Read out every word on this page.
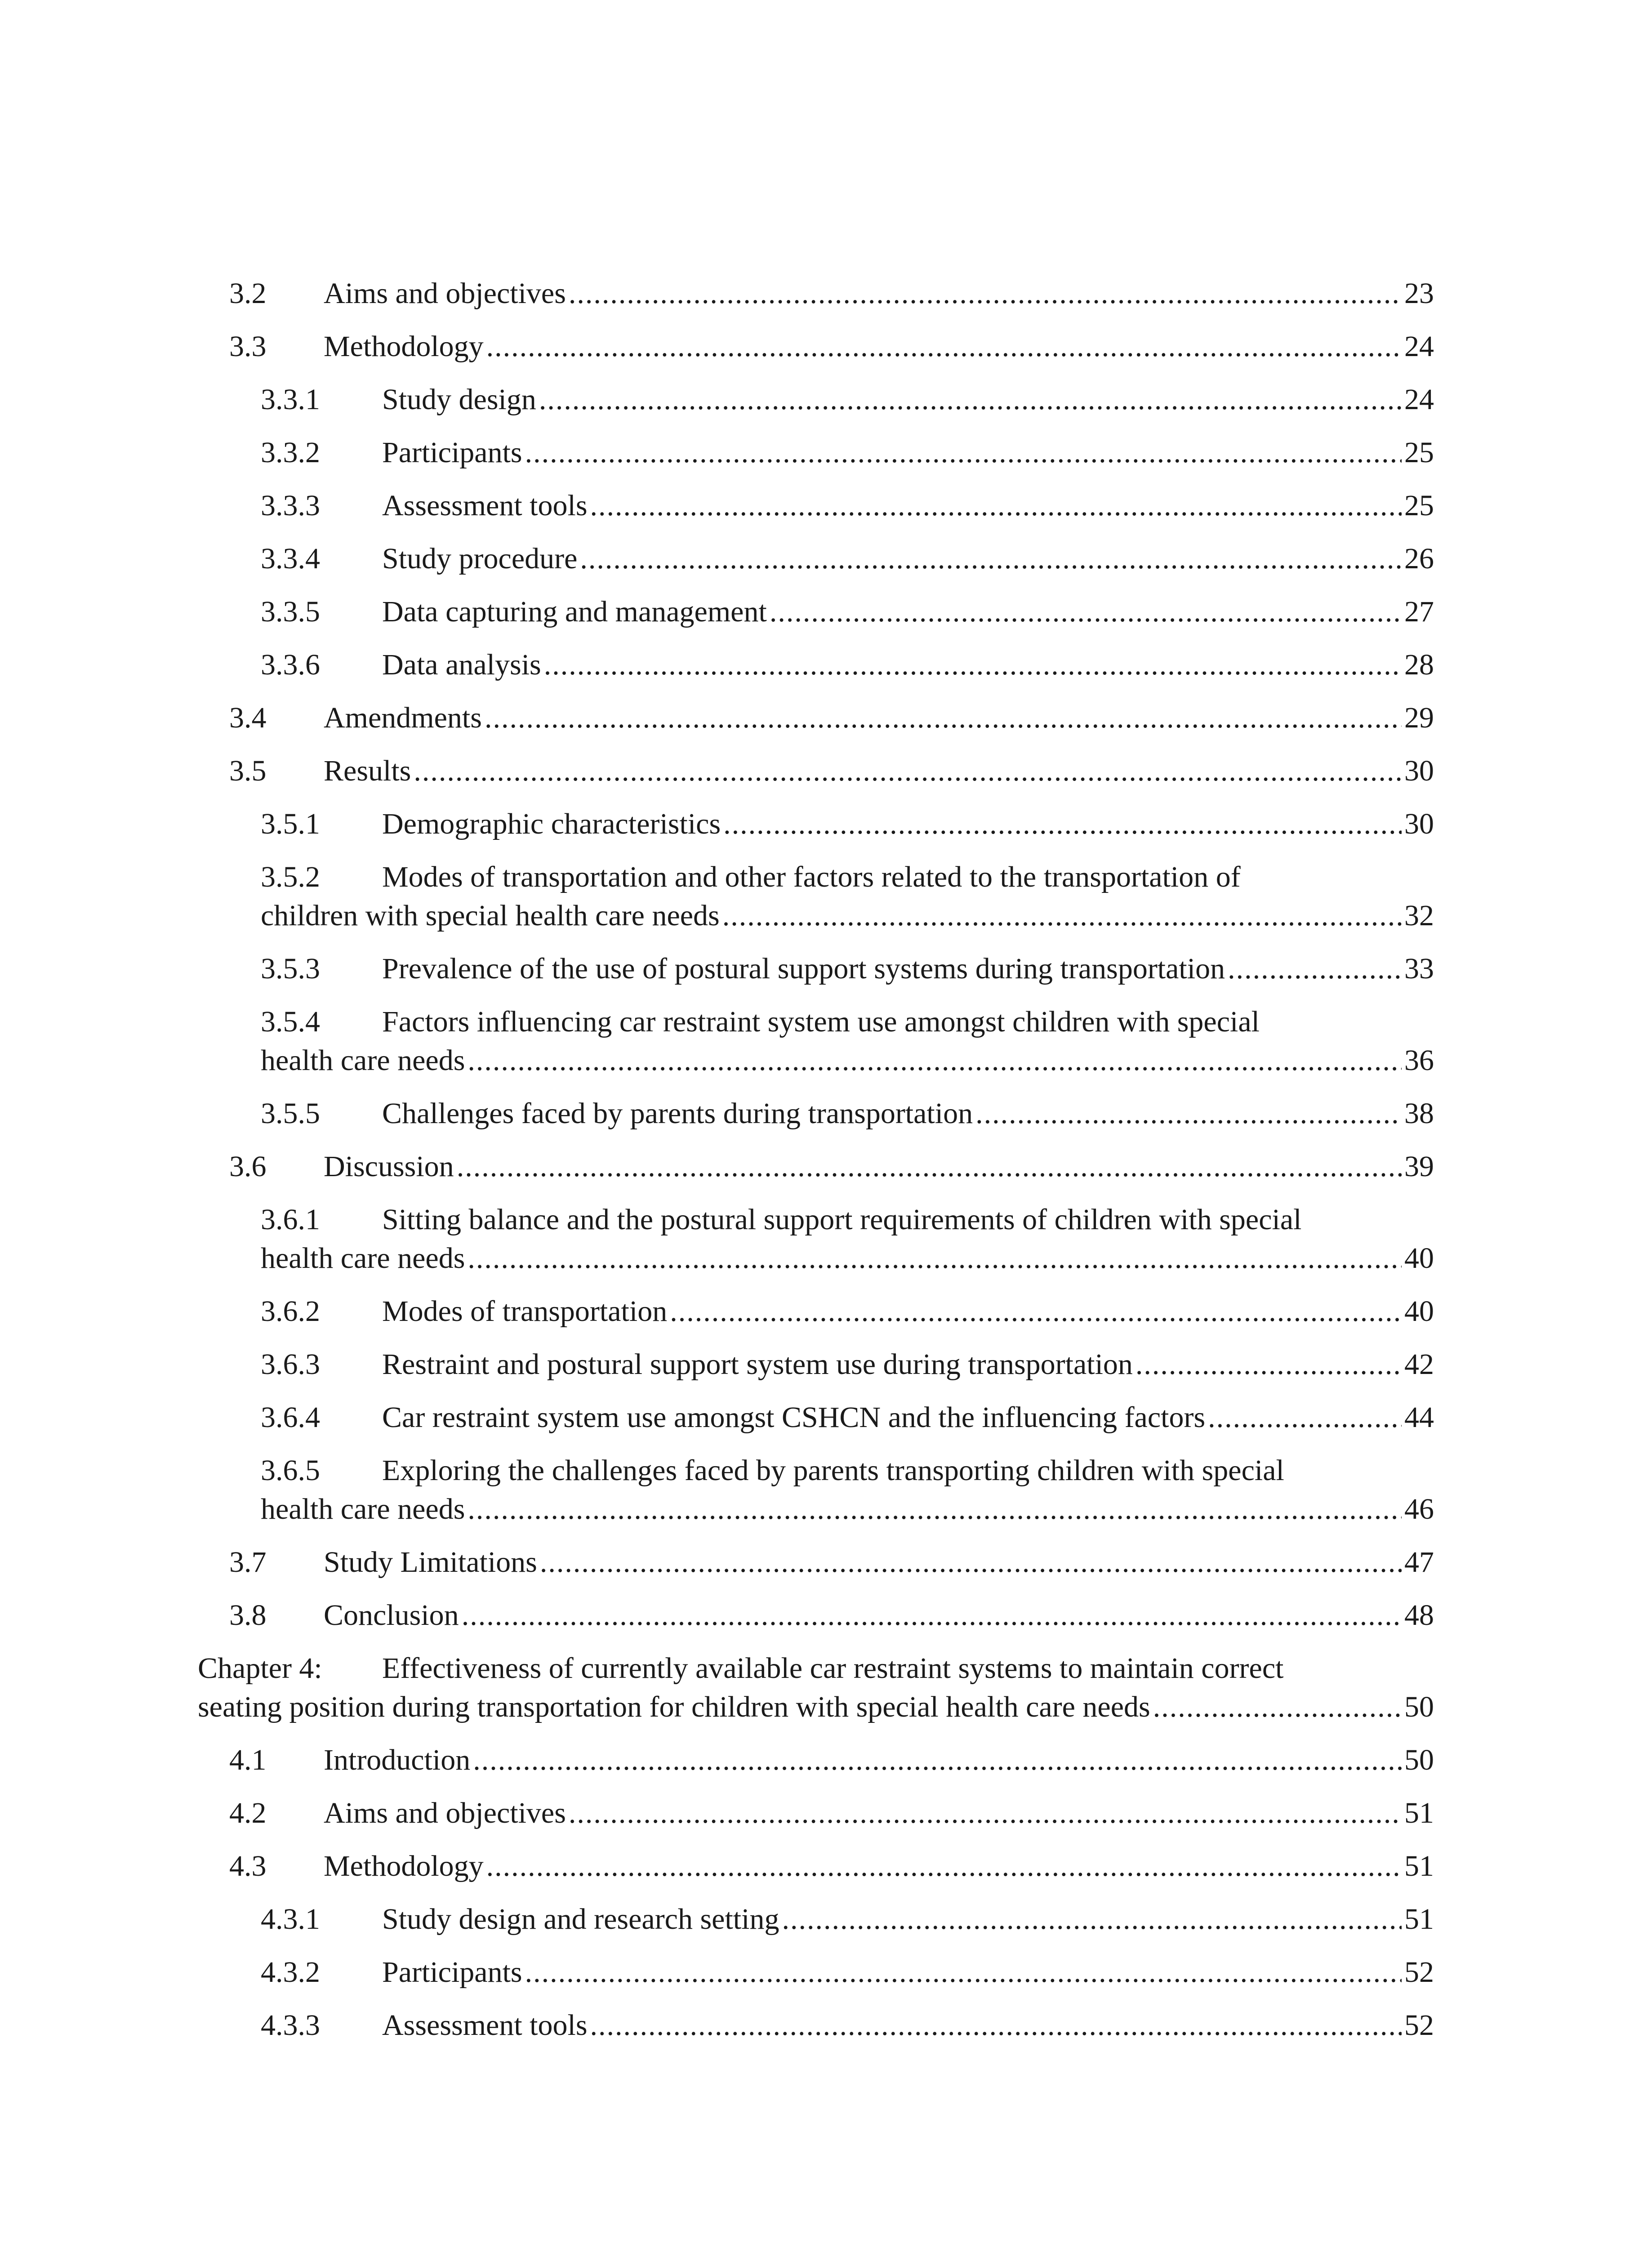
3.2	Aims and objectives .....	23
3.3	Methodology .....	24
3.3.1	Study design .....	24
3.3.2	Participants .....	25
3.3.3	Assessment tools .....	25
3.3.4	Study procedure .....	26
3.3.5	Data capturing and management .....	27
3.3.6	Data analysis .....	28
3.4	Amendments .....	29
3.5	Results .....	30
3.5.1	Demographic characteristics .....	30
3.5.2	Modes of transportation and other factors related to the transportation of
children with special health care needs .....	32
3.5.3	Prevalence of the use of postural support systems during transportation .....	33
3.5.4	Factors influencing car restraint system use amongst children with special
health care needs .....	36
3.5.5	Challenges faced by parents during transportation .....	38
3.6	Discussion .....	39
3.6.1	Sitting balance and the postural support requirements of children with special
health care needs .....	40
3.6.2	Modes of transportation .....	40
3.6.3	Restraint and postural support system use during transportation .....	42
3.6.4	Car restraint system use amongst CSHCN and the influencing factors .....	44
3.6.5	Exploring the challenges faced by parents transporting children with special
health care needs .....	46
3.7	Study Limitations .....	47
3.8	Conclusion .....	48
Chapter 4:	Effectiveness of currently available car restraint systems to maintain correct
seating position during transportation for children with special health care needs .....	50
4.1	Introduction .....	50
4.2	Aims and objectives .....	51
4.3	Methodology .....	51
4.3.1	Study design and research setting .....	51
4.3.2	Participants .....	52
4.3.3	Assessment tools .....	52
